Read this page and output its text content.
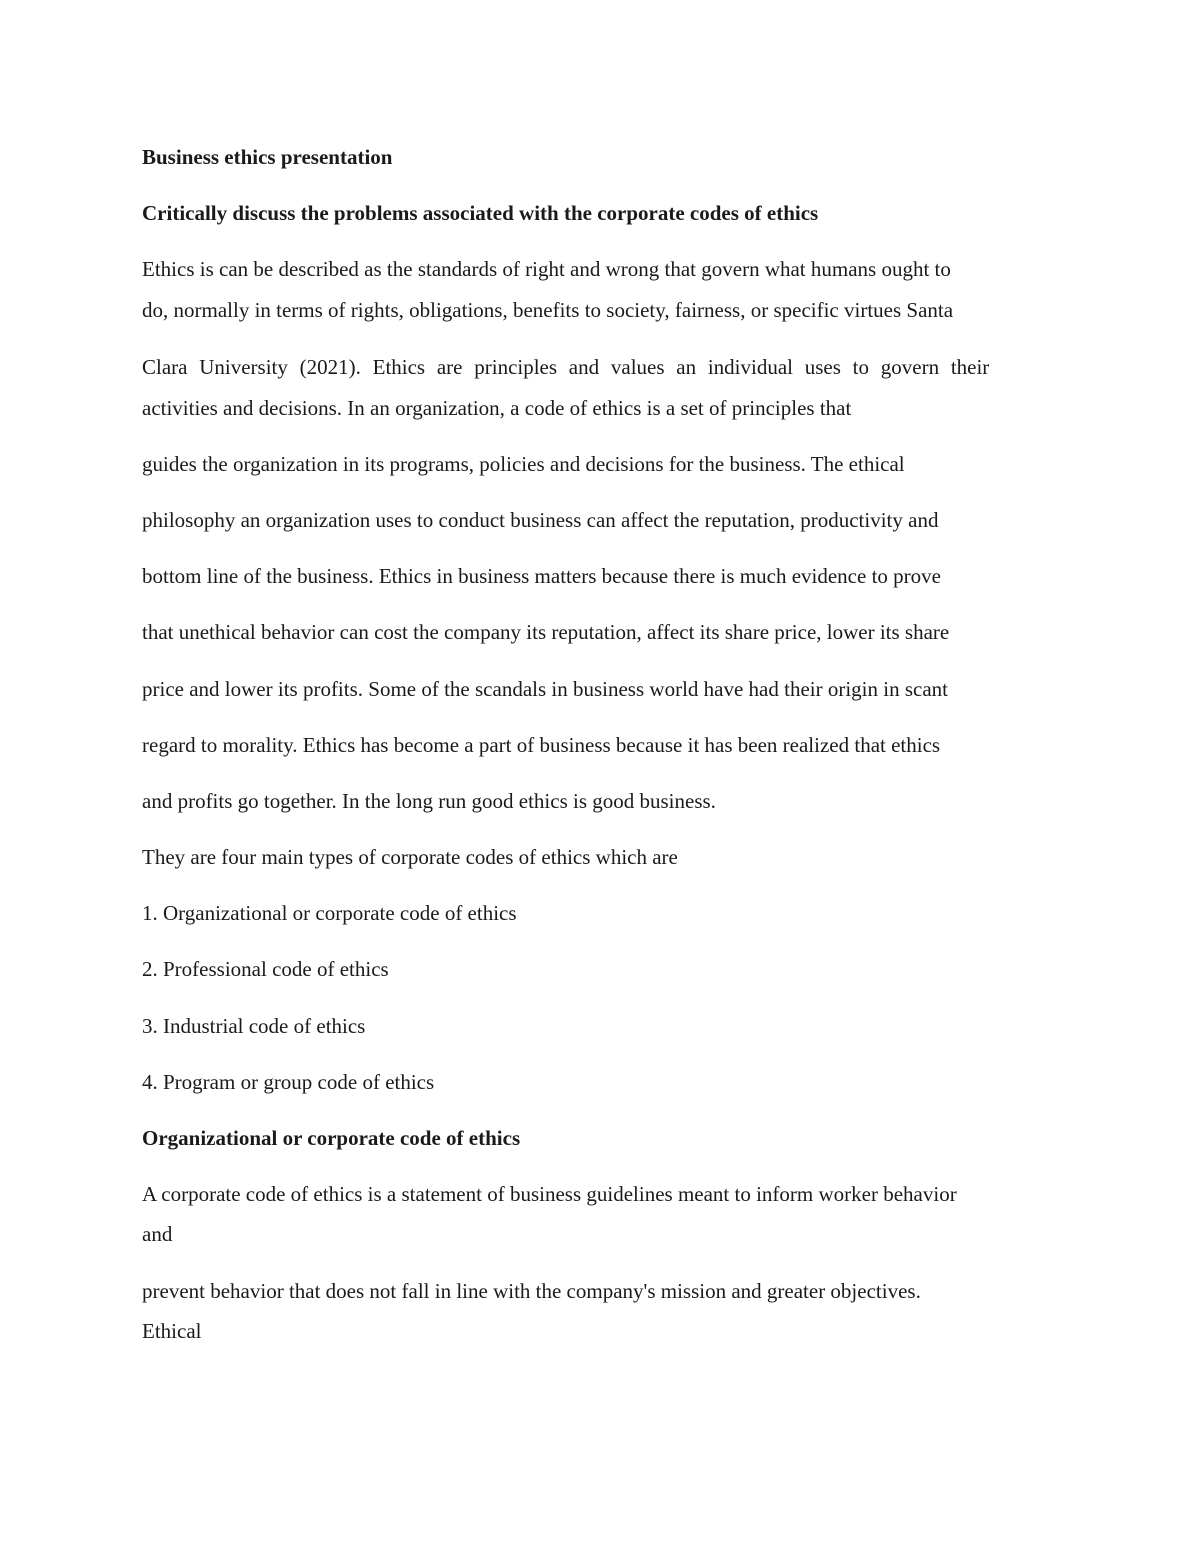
Business ethics presentation
Critically discuss the problems associated with the corporate codes of ethics
Ethics is can be described as the standards of right and wrong that govern what humans ought to
do, normally in terms of rights, obligations, benefits to society, fairness, or specific virtues Santa
Clara University (2021). Ethics are principles and values an individual uses to govern their
activities and decisions. In an organization, a code of ethics is a set of principles that
guides the organization in its programs, policies and decisions for the business. The ethical
philosophy an organization uses to conduct business can affect the reputation, productivity and
bottom line of the business. Ethics in business matters because there is much evidence to prove
that unethical behavior can cost the company its reputation, affect its share price, lower its share
price and lower its profits. Some of the scandals in business world have had their origin in scant
regard to morality. Ethics has become a part of business because it has been realized that ethics
and profits go together. In the long run good ethics is good business.
They are four main types of corporate codes of ethics which are
1. Organizational or corporate code of ethics
2. Professional code of ethics
3. Industrial code of ethics
4. Program or group code of ethics
Organizational or corporate code of ethics
A corporate code of ethics is a statement of business guidelines meant to inform worker behavior
and
prevent behavior that does not fall in line with the company's mission and greater objectives.
Ethical
